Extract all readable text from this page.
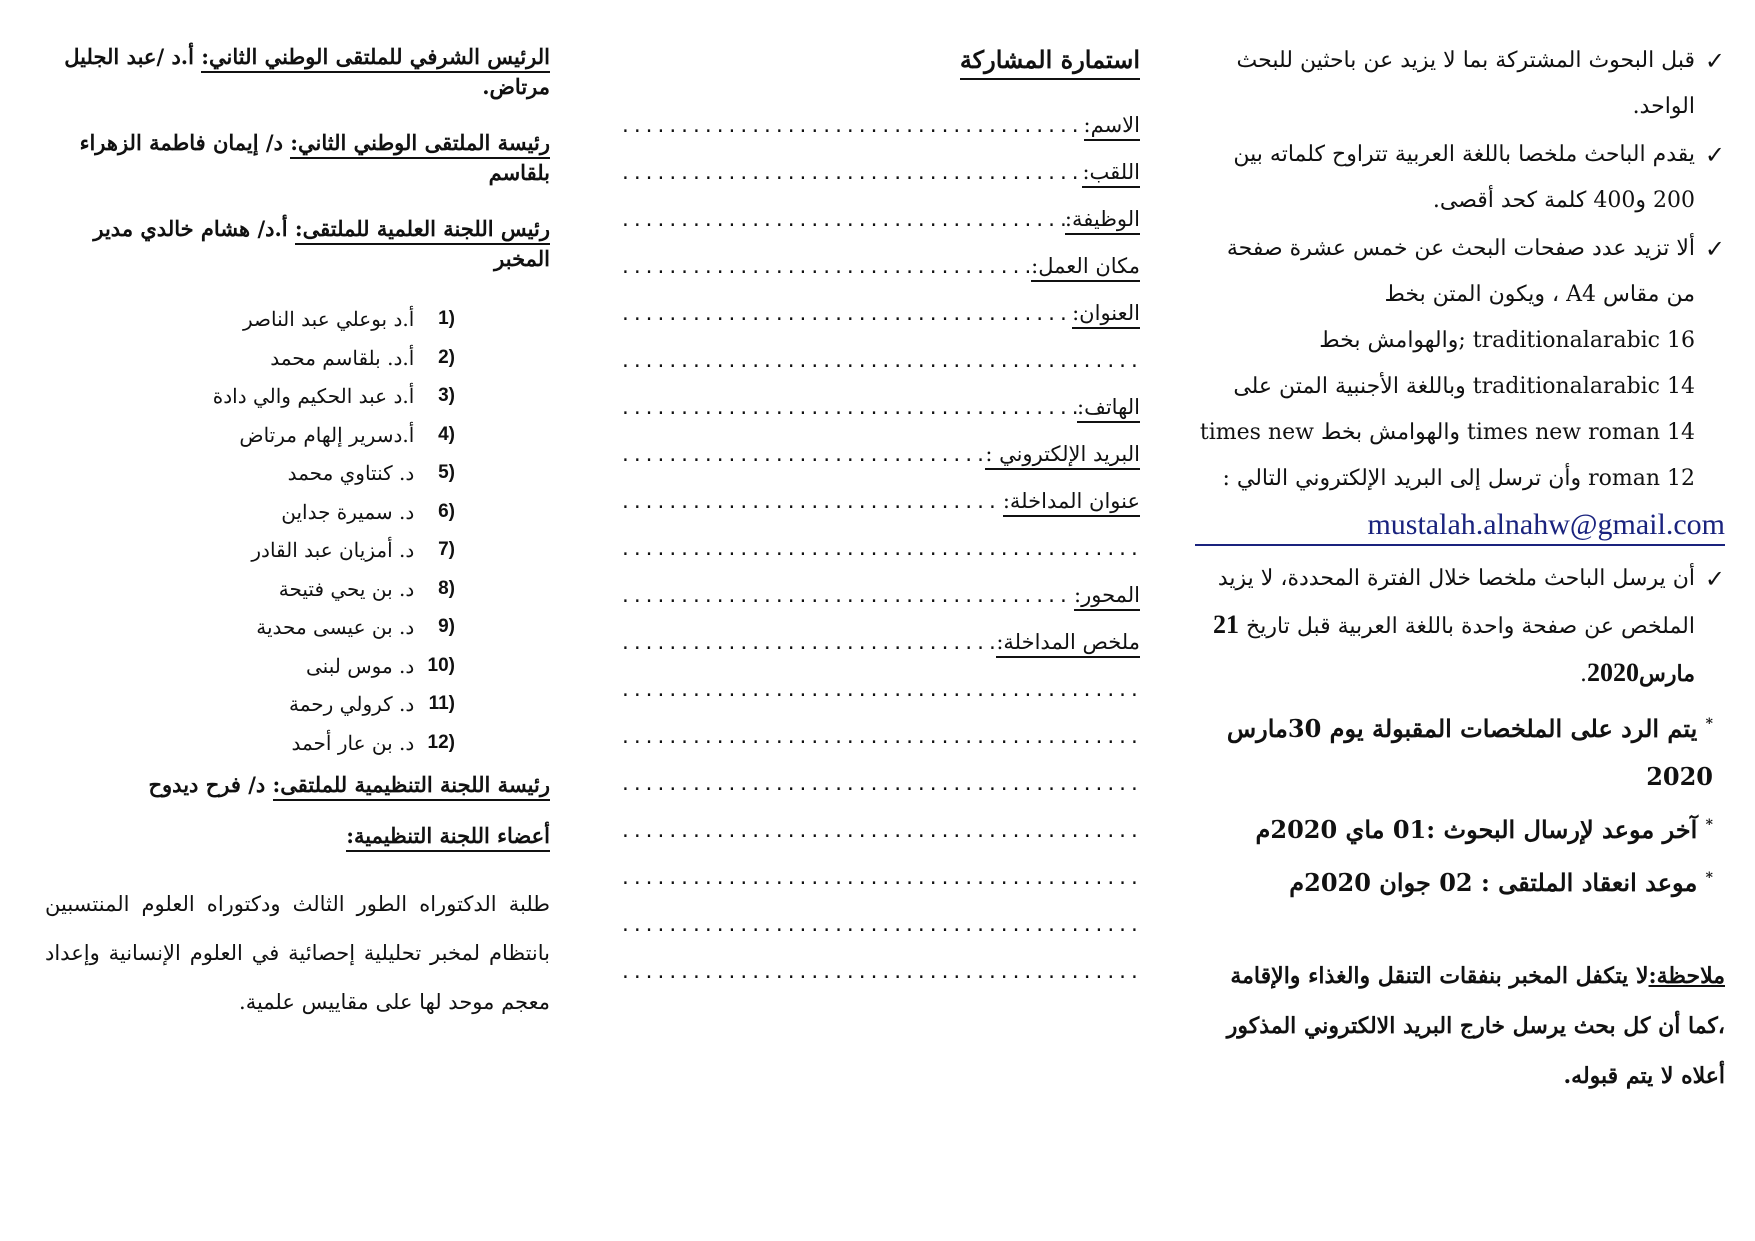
✓
قبل البحوث المشتركة بما لا يزيد عن باحثين للبحث الواحد.
✓
يقدم الباحث ملخصا باللغة العربية تتراوح كلماته بين 200 و400 كلمة كحد أقصى.
✓
ألا تزيد عدد صفحات البحث عن خمس عشرة صفحة من مقاس A4 ، ويكون المتن بخط traditionalarabic 16 ;والهوامش بخط traditionalarabic 14 وباللغة الأجنبية المتن على times new roman 14 والهوامش بخط times new roman 12 وأن ترسل إلى البريد الإلكتروني التالي :
mustalah.alnahw@gmail.com
✓
أن يرسل الباحث ملخصا خلال الفترة المحددة، لا يزيد الملخص عن صفحة واحدة باللغة العربية قبل تاريخ 21 مارس2020.
* يتم الرد على الملخصات المقبولة يوم 30مارس 2020
* آخر موعد لإرسال البحوث :01 ماي 2020م
* موعد انعقاد الملتقى : 02 جوان 2020م
ملاحظة:لا يتكفل المخبر بنفقات التنقل والغذاء والإقامة ،كما أن كل بحث يرسل خارج البريد الالكتروني المذكور أعلاه لا يتم قبوله.
استمارة المشاركة
الاسم:
.....
اللقب:
.....
الوظيفة:
.....
مكان العمل:
.....
العنوان:
.....
.....
الهاتف:
.....
البريد الإلكتروني :
.....
عنوان المداخلة:
.....
.....
المحور:
.....
ملخص المداخلة:
.....
.....
.....
.....
.....
.....
.....
.....
الرئيس الشرفي للملتقى الوطني الثاني: أ.د /عبد الجليل مرتاض.
رئيسة الملتقى الوطني الثاني: د/ إيمان فاطمة الزهراء بلقاسم
رئيس اللجنة العلمية للملتقى: أ.د/ هشام خالدي مدير المخبر
1)

أ.د بوعلي عبد الناصر
2)

أ.د. بلقاسم محمد
3)

أ.د عبد الحكيم والي دادة
4)

أ.دسرير إلهام مرتاض
5)

د. كنتاوي محمد
6)

د. سميرة جداين
7)

د. أمزيان عبد القادر
8)

د. بن يحي فتيحة
9)

د. بن عيسى محدية
10)

د. موس لبنى
11)

د. كرولي رحمة
12)

د. بن عار أحمد
رئيسة اللجنة التنظيمية للملتقى: د/ فرح ديدوح
أعضاء اللجنة التنظيمية:
طلبة الدكتوراه الطور الثالث ودكتوراه العلوم المنتسبين بانتظام لمخبر تحليلية إحصائية في العلوم الإنسانية وإعداد معجم موحد لها على مقاييس علمية.
